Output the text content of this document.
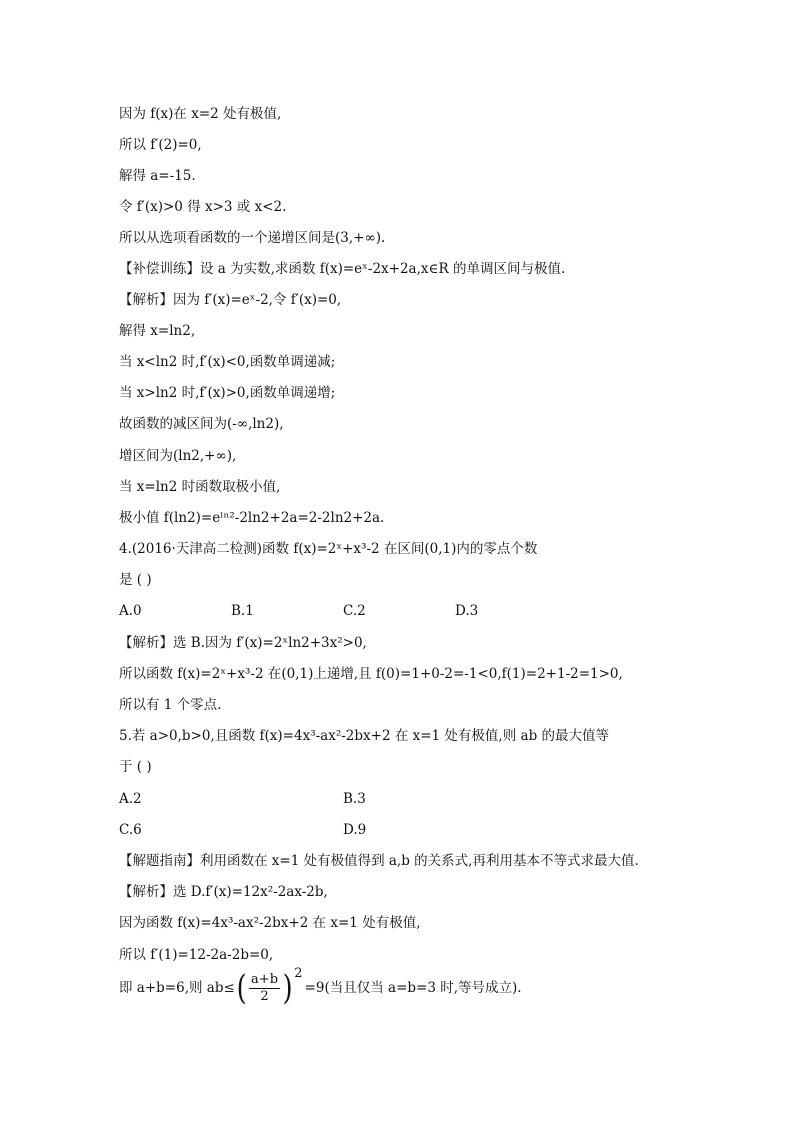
因为 f(x)在 x=2 处有极值,
所以 f′(2)=0,
解得 a=-15.
令 f′(x)>0 得 x>3 或 x<2.
所以从选项看函数的一个递增区间是(3,+∞).
【补偿训练】设 a 为实数,求函数 f(x)=eˣ-2x+2a,x∈R 的单调区间与极值.
【解析】因为 f′(x)=eˣ-2,令 f′(x)=0,
解得 x=ln2,
当 x<ln2 时,f′(x)<0,函数单调递减;
当 x>ln2 时,f′(x)>0,函数单调递增;
故函数的减区间为(-∞,ln2),
增区间为(ln2,+∞),
当 x=ln2 时函数取极小值,
极小值 f(ln2)=eˡⁿ²-2ln2+2a=2-2ln2+2a.
4.(2016·天津高二检测)函数 f(x)=2ˣ+x³-2 在区间(0,1)内的零点个数
是 ( )
A.0	B.1	C.2	D.3
【解析】选 B.因为 f′(x)=2ˣln2+3x²>0,
所以函数 f(x)=2ˣ+x³-2 在(0,1)上递增,且 f(0)=1+0-2=-1<0,f(1)=2+1-2=1>0,
所以有 1 个零点.
5.若 a>0,b>0,且函数 f(x)=4x³-ax²-2bx+2 在 x=1 处有极值,则 ab 的最大值等
于 ( )
A.2	B.3
C.6	D.9
【解题指南】利用函数在 x=1 处有极值得到 a,b 的关系式,再利用基本不等式求最大值.
【解析】选 D.f′(x)=12x²-2ax-2b,
因为函数 f(x)=4x³-ax²-2bx+2 在 x=1 处有极值,
所以 f′(1)=12-2a-2b=0,
即 a+b=6,则 ab≤ ( $\frac{a+b}{2}$ ) 2
=9(当且仅当 a=b=3 时,等号成立).
